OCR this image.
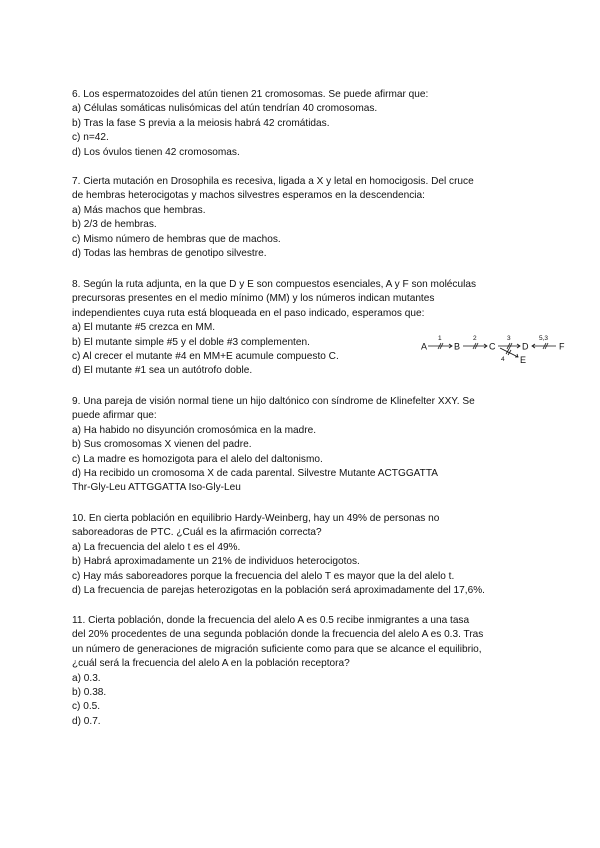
6. Los espermatozoides del atún tienen 21 cromosomas. Se puede afirmar que:
a) Células somáticas nulisómicas del atún tendrían 40 cromosomas.
b) Tras la fase S previa a la meiosis habrá 42 cromátidas.
c) n=42.
d) Los óvulos tienen 42 cromosomas.
7. Cierta mutación en Drosophila es recesiva, ligada a X y letal en homocigosis. Del cruce
de hembras heterocigotas y machos silvestres esperamos en la descendencia:
a) Más machos que hembras.
b) 2/3 de hembras.
c) Mismo número de hembras que de machos.
d) Todas las hembras de genotipo silvestre.
8. Según la ruta adjunta, en la que D y E son compuestos esenciales, A y F son moléculas
precursoras presentes en el medio mínimo (MM) y los números indican mutantes
independientes cuya ruta está bloqueada en el paso indicado, esperamos que:
a) El mutante #5 crezca en MM.
b) El mutante simple #5 y el doble #3 complementen.
c) Al crecer el mutante #4 en MM+E acumule compuesto C.
d) El mutante #1 sea un autótrofo doble.
A	B	C	D
E
F
1	2	3
4
5,3
9. Una pareja de visión normal tiene un hijo daltónico con síndrome de Klinefelter XXY. Se
puede afirmar que:
a) Ha habido no disyunción cromosómica en la madre.
b) Sus cromosomas X vienen del padre.
c) La madre es homozigota para el alelo del daltonismo.
d) Ha recibido un cromosoma X de cada parental. Silvestre Mutante ACTGGATTA
Thr-Gly-Leu ATTGGATTA Iso-Gly-Leu
10. En cierta población en equilibrio Hardy-Weinberg, hay un 49% de personas no
saboreadoras de PTC. ¿Cuál es la afirmación correcta?
a) La frecuencia del alelo t es el 49%.
b) Habrá aproximadamente un 21% de individuos heterocigotos.
c) Hay más saboreadores porque la frecuencia del alelo T es mayor que la del alelo t.
d) La frecuencia de parejas heterozigotas en la población será aproximadamente del 17,6%.
11. Cierta población, donde la frecuencia del alelo A es 0.5 recibe inmigrantes a una tasa
del 20% procedentes de una segunda población donde la frecuencia del alelo A es 0.3. Tras
un número de generaciones de migración suficiente como para que se alcance el equilibrio,
¿cuál será la frecuencia del alelo A en la población receptora?
a) 0.3.
b) 0.38.
c) 0.5.
d) 0.7.
